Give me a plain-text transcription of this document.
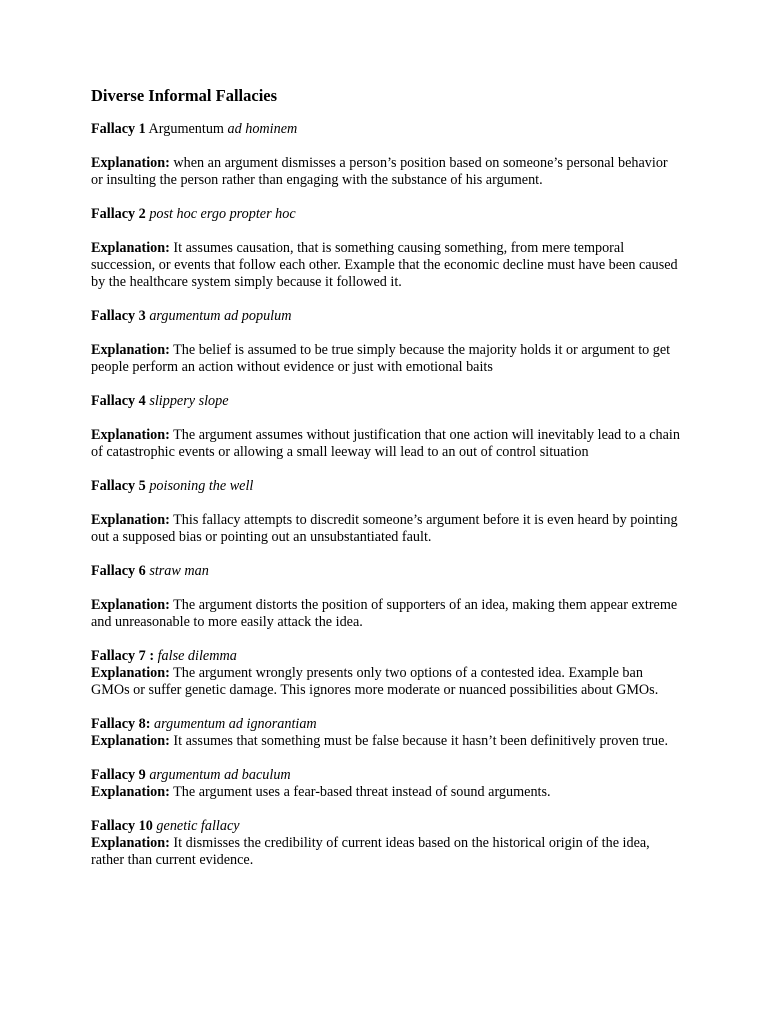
Diverse Informal Fallacies
Fallacy 1 Argumentum ad hominem
Explanation: when an argument dismisses a person’s position based on someone’s personal behavior or insulting the person rather than engaging with the substance of his argument.
Fallacy 2 post hoc ergo propter hoc
Explanation: It assumes causation, that is something causing something, from mere temporal succession, or events that follow each other. Example that the economic decline must have been caused by the healthcare system simply because it followed it.
Fallacy 3 argumentum ad populum
Explanation: The belief is assumed to be true simply because the majority holds it or argument to get people perform an action without evidence or just with emotional baits
Fallacy 4 slippery slope
Explanation: The argument assumes without justification that one action will inevitably lead to a chain of catastrophic events or allowing a small leeway will lead to an out of control situation
Fallacy 5 poisoning the well
Explanation: This fallacy attempts to discredit someone’s argument before it is even heard by pointing out a supposed bias or pointing out an unsubstantiated fault.
Fallacy 6 straw man
Explanation: The argument distorts the position of supporters of an idea, making them appear extreme and unreasonable to more easily attack the idea.
Fallacy 7 : false dilemma
Explanation: The argument wrongly presents only two options of a contested idea. Example ban GMOs or suffer genetic damage. This ignores more moderate or nuanced possibilities about GMOs.
Fallacy 8: argumentum ad ignorantiam
Explanation: It assumes that something must be false because it hasn’t been definitively proven true.
Fallacy 9 argumentum ad baculum
Explanation: The argument uses a fear-based threat instead of sound arguments.
Fallacy 10 genetic fallacy
Explanation: It dismisses the credibility of current ideas based on the historical origin of the idea, rather than current evidence.
